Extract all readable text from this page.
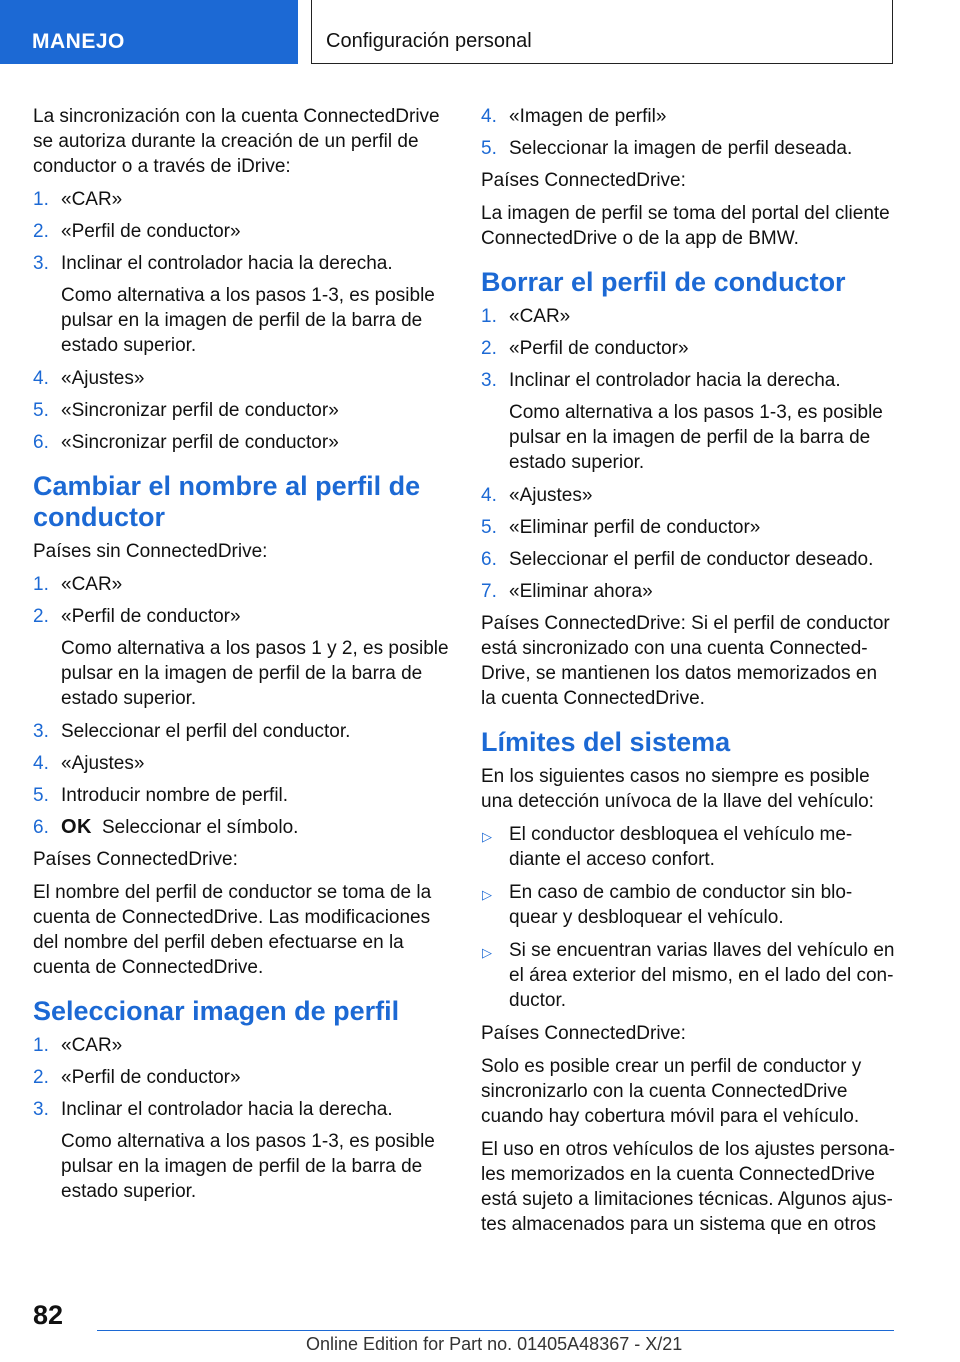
MANEJO	Configuración personal

La sincronización con la cuenta ConnectedDrive se autoriza durante la creación de un perfil de conductor o a través de iDrive:

1. «CAR»
2. «Perfil de conductor»
3. Inclinar el controlador hacia la derecha.

Como alternativa a los pasos 1-3, es posible pulsar en la imagen de perfil de la barra de estado superior.

4. «Ajustes»
5. «Sincronizar perfil de conductor»
6. «Sincronizar perfil de conductor»
Cambiar el nombre al perfil de conductor

Países sin ConnectedDrive:

1. «CAR»
2. «Perfil de conductor»

Como alternativa a los pasos 1 y 2, es posible pulsar en la imagen de perfil de la barra de estado superior.

3. Seleccionar el perfil del conductor.
4. «Ajustes»
5. Introducir nombre de perfil.
6. OK Seleccionar el símbolo.

Países ConnectedDrive:

El nombre del perfil de conductor se toma de la cuenta de ConnectedDrive. Las modificaciones del nombre del perfil deben efectuarse en la cuenta de ConnectedDrive.

Seleccionar imagen de perfil
1. «CAR»
2. «Perfil de conductor»
3. Inclinar el controlador hacia la derecha.

Como alternativa a los pasos 1-3, es posible pulsar en la imagen de perfil de la barra de estado superior.

4. «Imagen de perfil»
5. Seleccionar la imagen de perfil deseada.

Países ConnectedDrive:

La imagen de perfil se toma del portal del cliente ConnectedDrive o de la app de BMW.

Borrar el perfil de conductor
1. «CAR»
2. «Perfil de conductor»
3. Inclinar el controlador hacia la derecha.

Como alternativa a los pasos 1-3, es posible pulsar en la imagen de perfil de la barra de estado superior.

4. «Ajustes»
5. «Eliminar perfil de conductor»
6. Seleccionar el perfil de conductor deseado.
7. «Eliminar ahora»

Países ConnectedDrive: Si el perfil de conductor está sincronizado con una cuenta Connected-Drive, se mantienen los datos memorizados en la cuenta ConnectedDrive.

Límites del sistema

En los siguientes casos no siempre es posible una detección unívoca de la llave del vehículo:

▷ El conductor desbloquea el vehículo me-diante el acceso confort.
▷ En caso de cambio de conductor sin blo-quear y desbloquear el vehículo.
▷ Si se encuentran varias llaves del vehículo en el área exterior del mismo, en el lado del con-ductor.

Países ConnectedDrive:

Solo es posible crear un perfil de conductor y sincronizarlo con la cuenta ConnectedDrive cuando hay cobertura móvil para el vehículo.

El uso en otros vehículos de los ajustes persona-les memorizados en la cuenta ConnectedDrive está sujeto a limitaciones técnicas. Algunos ajus-tes almacenados para un sistema que en otros

82
Online Edition for Part no. 01405A48367 - X/21
